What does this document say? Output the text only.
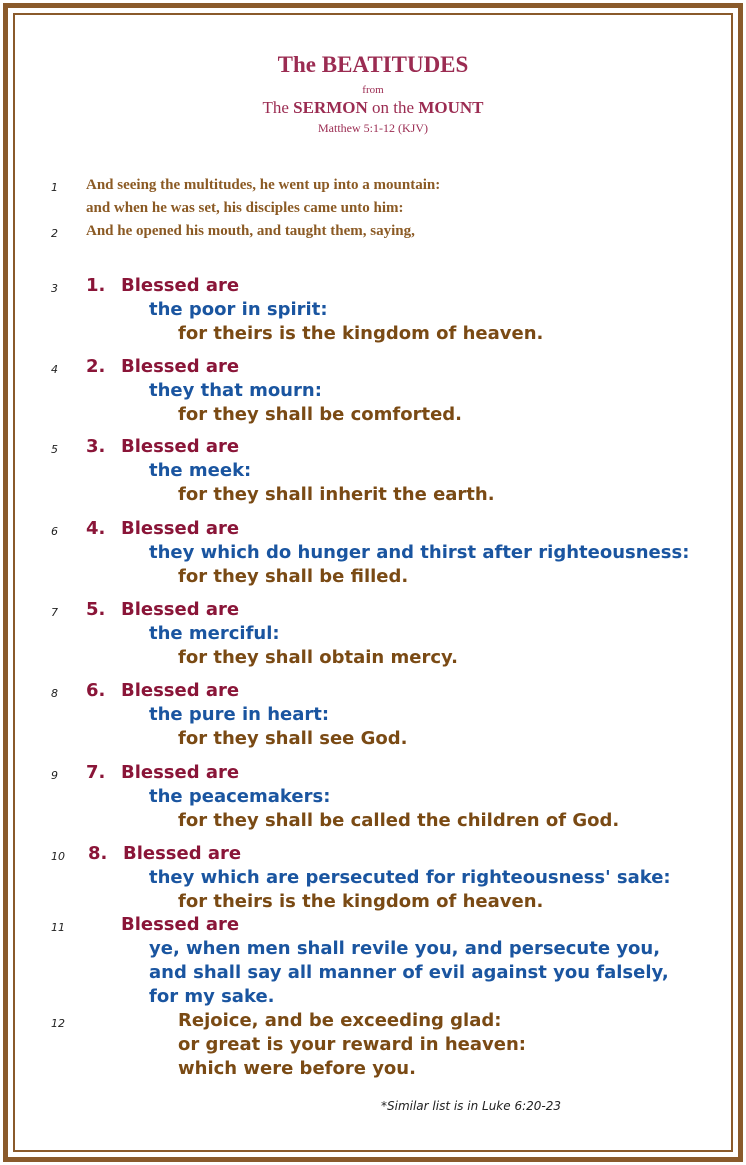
The BEATITUDES
from
The SERMON on the MOUNT
Matthew 5:1-12 (KJV)
1 And seeing the multitudes, he went up into a mountain:
and when he was set, his disciples came unto him:
2 And he opened his mouth, and taught them, saying,
3 1. Blessed are
the poor in spirit:
for theirs is the kingdom of heaven.
4 2. Blessed are
they that mourn:
for they shall be comforted.
5 3. Blessed are
the meek:
for they shall inherit the earth.
6 4. Blessed are
they which do hunger and thirst after righteousness:
for they shall be filled.
7 5. Blessed are
the merciful:
for they shall obtain mercy.
8 6. Blessed are
the pure in heart:
for they shall see God.
9 7. Blessed are
the peacemakers:
for they shall be called the children of God.
10 8. Blessed are
they which are persecuted for righteousness' sake:
for theirs is the kingdom of heaven.
11	Blessed are
ye, when men shall revile you, and persecute you,
and shall say all manner of evil against you falsely,
for my sake.
12	Rejoice, and be exceeding glad:
or great is your reward in heaven:
which were before you.
*Similar list is in Luke 6:20-23
